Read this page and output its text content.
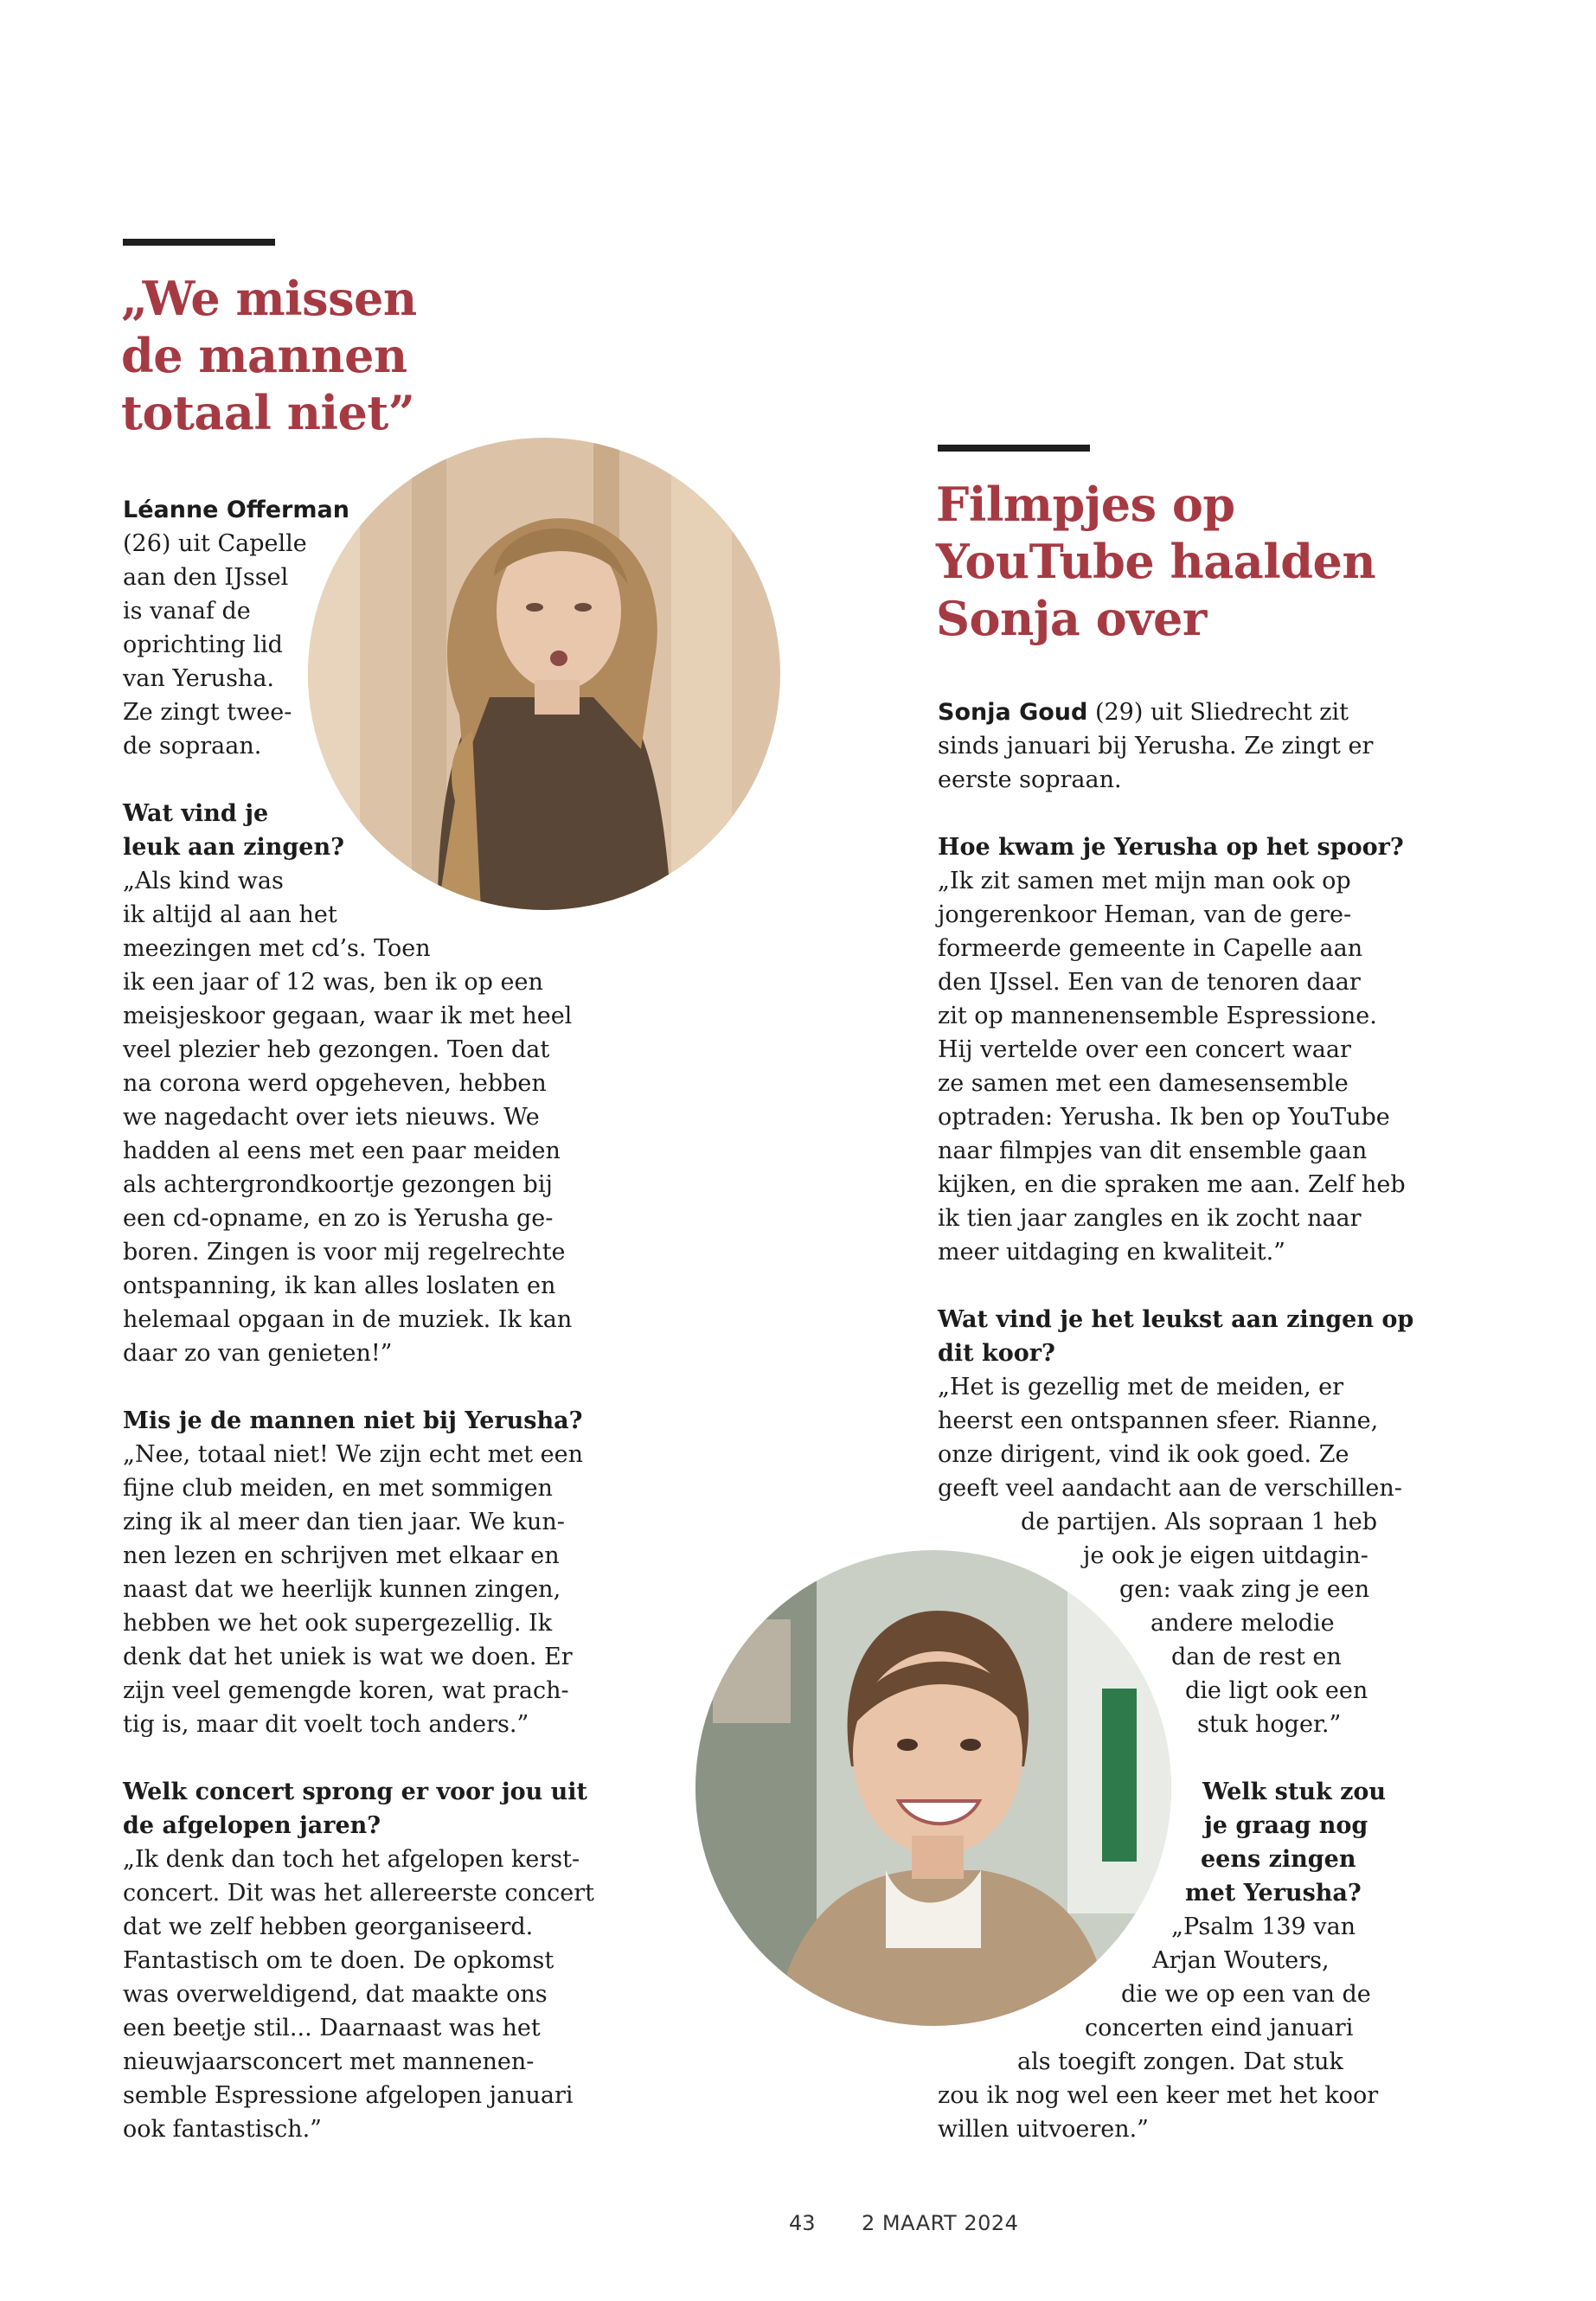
„We missen
de mannen
totaal niet”
Léanne Offerman
(26) uit Capelle
aan den IJssel
is vanaf de
oprichting lid
van Yerusha.
Ze zingt twee-
de sopraan.
Wat vind je
leuk aan zingen?
„Als kind was
ik altijd al aan het
meezingen met cd’s. Toen
ik een jaar of 12 was, ben ik op een
meisjeskoor gegaan, waar ik met heel
veel plezier heb gezongen. Toen dat
na corona werd opgeheven, hebben
we nagedacht over iets nieuws. We
hadden al eens met een paar meiden
als achtergrondkoortje gezongen bij
een cd-opname, en zo is Yerusha ge-
boren. Zingen is voor mij regelrechte
ontspanning, ik kan alles loslaten en
helemaal opgaan in de muziek. Ik kan
daar zo van genieten!”
Mis je de mannen niet bij Yerusha?
„Nee, totaal niet! We zijn echt met een
fijne club meiden, en met sommigen
zing ik al meer dan tien jaar. We kun-
nen lezen en schrijven met elkaar en
naast dat we heerlijk kunnen zingen,
hebben we het ook supergezellig. Ik
denk dat het uniek is wat we doen. Er
zijn veel gemengde koren, wat prach-
tig is, maar dit voelt toch anders.”
Welk concert sprong er voor jou uit
de afgelopen jaren?
„Ik denk dan toch het afgelopen kerst-
concert. Dit was het allereerste concert
dat we zelf hebben georganiseerd.
Fantastisch om te doen. De opkomst
was overweldigend, dat maakte ons
een beetje stil... Daarnaast was het
nieuwjaarsconcert met mannenen-
semble Espressione afgelopen januari
ook fantastisch.”
Filmpjes op
YouTube haalden
Sonja over
Sonja Goud (29) uit Sliedrecht zit
sinds januari bij Yerusha. Ze zingt er
eerste sopraan.
Hoe kwam je Yerusha op het spoor?
„Ik zit samen met mijn man ook op
jongerenkoor Heman, van de gere-
formeerde gemeente in Capelle aan
den IJssel. Een van de tenoren daar
zit op mannenensemble Espressione.
Hij vertelde over een concert waar
ze samen met een damesensemble
optraden: Yerusha. Ik ben op YouTube
naar filmpjes van dit ensemble gaan
kijken, en die spraken me aan. Zelf heb
ik tien jaar zangles en ik zocht naar
meer uitdaging en kwaliteit.”
Wat vind je het leukst aan zingen op
dit koor?
„Het is gezellig met de meiden, er
heerst een ontspannen sfeer. Rianne,
onze dirigent, vind ik ook goed. Ze
geeft veel aandacht aan de verschillen-
de partijen. Als sopraan 1 heb
je ook je eigen uitdagin-
gen: vaak zing je een
andere melodie
dan de rest en
die ligt ook een
stuk hoger.”
Welk stuk zou
je graag nog
eens zingen
met Yerusha?
„Psalm 139 van
Arjan Wouters,
die we op een van de
concerten eind januari
als toegift zongen. Dat stuk
zou ik nog wel een keer met het koor
willen uitvoeren.”
43 2 MAART 2024
